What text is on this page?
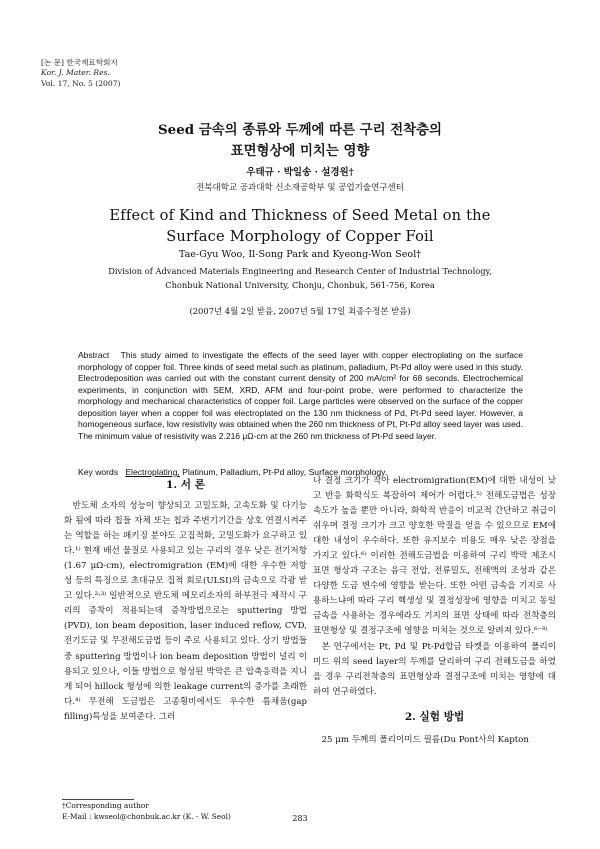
[논 문] 한국재료학회지
Kor. J. Mater. Res.
Vol. 17, No. 5 (2007)
Seed 금속의 종류와 두께에 따른 구리 전착층의
표면형상에 미치는 영향
우태규 · 박일송 · 설경원†
전북대학교 공과대학 신소재공학부 및 공업기술연구센터
Effect of Kind and Thickness of Seed Metal on the
Surface Morphology of Copper Foil
Tae-Gyu Woo, Il-Song Park and Kyeong-Won Seol†
Division of Advanced Materials Engineering and Research Center of Industrial Technology,
Chonbuk National University, Chonju, Chonbuk, 561-756, Korea
(2007년 4월 2일 받음, 2007년 5월 17일 최종수정본 받음)
Abstract This study aimed to investigate the effects of the seed layer with copper electroplating on the surface morphology of copper foil. Three kinds of seed metal such as platinum, palladium, Pt-Pd alloy were used in this study. Electrodeposition was carried out with the constant current density of 200 mA/cm² for 68 seconds. Electrochemical experiments, in conjunction with SEM, XRD, AFM and four-point probe, were performed to characterize the morphology and mechanical characteristics of copper foil. Large particles were observed on the surface of the copper deposition layer when a copper foil was electroplated on the 130 nm thickness of Pd, Pt-Pd seed layer. However, a homogeneous surface, low resistivity was obtained when the 260 nm thickness of Pt, Pt-Pd alloy seed layer was used. The minimum value of resistivity was 2.216 μΩ-cm at the 260 nm thickness of Pt-Pd seed layer.
Key words Electroplating, Platinum, Palladium, Pt-Pd alloy, Surface morphology.
1. 서 론

반도체 소자의 성능이 향상되고 고밀도화, 고속도화 및 다기능화 됨에 따라 칩들 자체 또는 칩과 주변기기간을 상호 연결시켜주는 역할을 하는 패키징 분야도 고집적화, 고밀도화가 요구하고 있다.¹⁾ 현재 배선 물질로 사용되고 있는 구리의 경우 낮은 전기저항(1.67 μΩ-cm), electromigration (EM)에 대한 우수한 저항성 등의 특징으로 초대규모 집적 회로(ULSI)의 금속으로 각광 받고 있다.²˒³⁾ 일반적으로 반도체 메모리소자의 하부전극 제작시 구리의 증착이 적용되는데 증착방법으로는 sputtering 방법(PVD), ion beam deposition, laser induced reflow, CVD, 전기도금 및 무전해도금법 등이 주로 사용되고 있다. 상기 방법들 중 sputtering 방법이나 ion beam deposition 방법이 널리 이용되고 있으나, 이들 방법으로 형성된 박막은 큰 압축응력을 지니게 되어 hillock 형성에 의한 leakage current의 증가를 초래한다.⁴⁾ 무전해 도금법은 고종횡비에서도 우수한 틈채움(gap filling)특성을 보여준다. 그러

나 결정 크기가 작아 electromigration(EM)에 대한 내성이 낮고 반응 화학식도 복잡하여 제어가 어렵다.⁵⁾ 전해도금법은 성장속도가 높을 뿐만 아니라, 화학적 반응이 비교적 간단하고 취급이 쉬우며 결정 크기가 크고 양호한 막질을 얻을 수 있으므로 EM에 대한 내성이 우수하다. 또한 유지보수 비용도 매우 낮은 장점을 가지고 있다.⁶⁾ 이러한 전해도금법을 이용하여 구리 박막 제조시 표면 형상과 구조는 음극 전압, 전류밀도, 전해액의 조성과 같은 다양한 도금 변수에 영향을 받는다. 또한 어떤 금속을 기지로 사용하느냐에 따라 구리 핵생성 및 결정성장에 영향을 미치고 동일 금속을 사용하는 경우에라도 기지의 표면 상태에 따라 전착층의 표면형상 및 결정구조에 영향을 미치는 것으로 알려져 있다.⁶⁻⁸⁾

본 연구에서는 Pt, Pd 및 Pt-Pd합금 타켓을 이용하여 폴리이미드 위의 seed layer의 두께를 달리하여 구리 전해도금을 하였을 경우 구리전착층의 표면형상과 결정구조에 미치는 영향에 대하여 연구하였다.

2. 실험 방법

25 μm 두께의 폴리이미드 필름(Du Pont사의 Kapton

†Corresponding author
E-Mail : kwseol@chonbuk.ac.kr (K. - W. Seol)	283
